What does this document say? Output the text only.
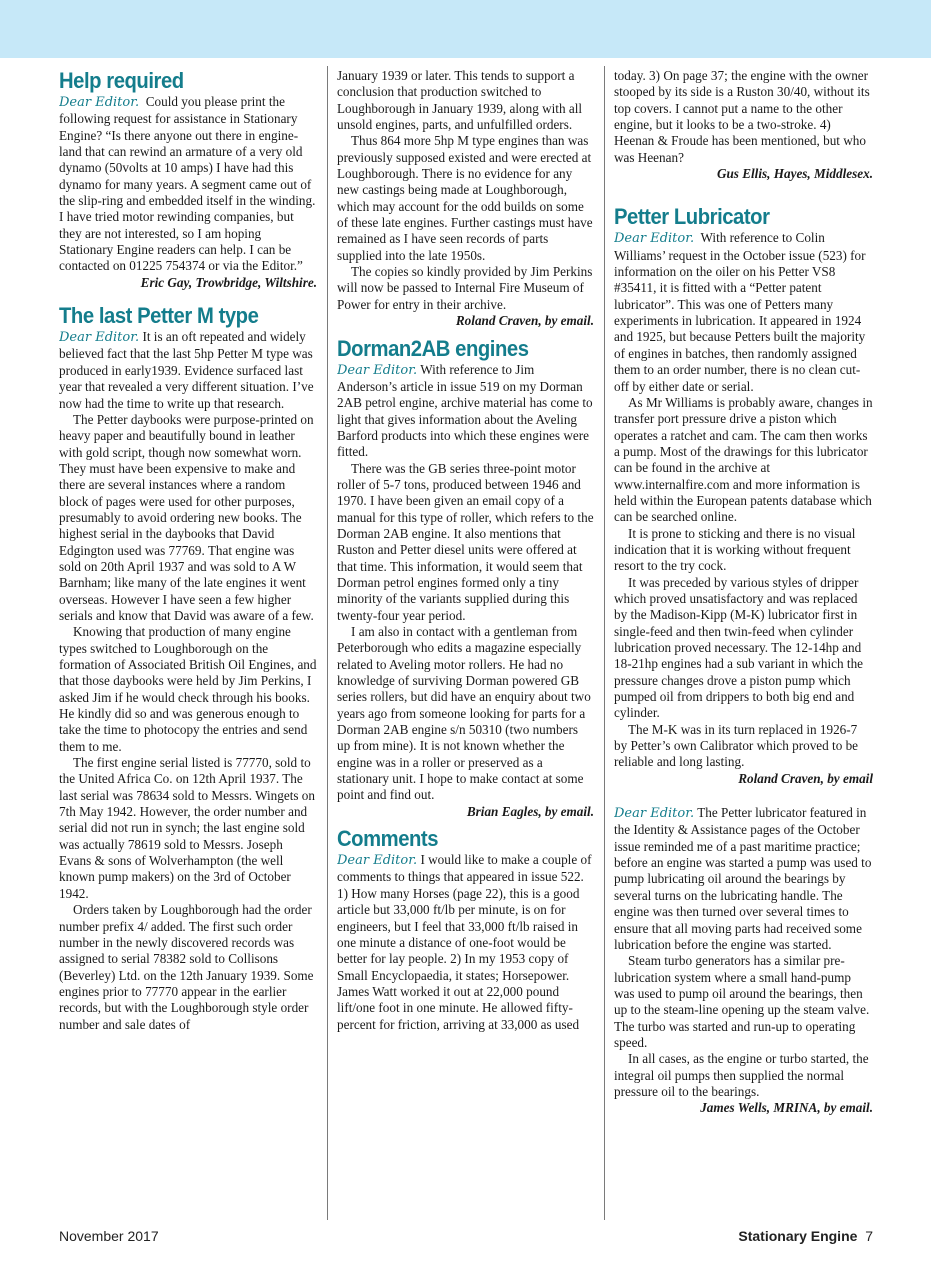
Help required

Dear Editor. Could you please print the following request for assistance in Stationary Engine? “Is there anyone out there in engine-land that can rewind an armature of a very old dynamo (50volts at 10 amps) I have had this dynamo for many years. A segment came out of the slip-ring and embedded itself in the winding. I have tried motor rewinding companies, but they are not interested, so I am hoping Stationary Engine readers can help. I can be contacted on 01225 754374 or via the Editor.”

Eric Gay, Trowbridge, Wiltshire.
The last Petter M type

Dear Editor. It is an oft repeated and widely believed fact that the last 5hp Petter M type was produced in early1939. Evidence surfaced last year that revealed a very different situation. I’ve now had the time to write up that research.

The Petter daybooks were purpose-printed on heavy paper and beautifully bound in leather with gold script, though now somewhat worn. They must have been expensive to make and there are several instances where a random block of pages were used for other purposes, presumably to avoid ordering new books. The highest serial in the daybooks that David Edgington used was 77769. That engine was sold on 20th April 1937 and was sold to A W Barnham; like many of the late engines it went overseas. However I have seen a few higher serials and know that David was aware of a few.

Knowing that production of many engine types switched to Loughborough on the formation of Associated British Oil Engines, and that those daybooks were held by Jim Perkins, I asked Jim if he would check through his books. He kindly did so and was generous enough to take the time to photocopy the entries and send them to me.

The first engine serial listed is 77770, sold to the United Africa Co. on 12th April 1937. The last serial was 78634 sold to Messrs. Wingets on 7th May 1942. However, the order number and serial did not run in synch; the last engine sold was actually 78619 sold to Messrs. Joseph Evans & sons of Wolverhampton (the well known pump makers) on the 3rd of October 1942.

Orders taken by Loughborough had the order number prefix 4/ added. The first such order number in the newly discovered records was assigned to serial 78382 sold to Collisons (Beverley) Ltd. on the 12th January 1939. Some engines prior to 77770 appear in the earlier records, but with the Loughborough style order number and sale dates of

January 1939 or later. This tends to support a conclusion that production switched to Loughborough in January 1939, along with all unsold engines, parts, and unfulfilled orders.

Thus 864 more 5hp M type engines than was previously supposed existed and were erected at Loughborough. There is no evidence for any new castings being made at Loughborough, which may account for the odd builds on some of these late engines. Further castings must have remained as I have seen records of parts supplied into the late 1950s.

The copies so kindly provided by Jim Perkins will now be passed to Internal Fire Museum of Power for entry in their archive.

Roland Craven, by email.
Dorman2AB engines

Dear Editor. With reference to Jim Anderson’s article in issue 519 on my Dorman 2AB petrol engine, archive material has come to light that gives information about the Aveling Barford products into which these engines were fitted.

There was the GB series three-point motor roller of 5-7 tons, produced between 1946 and 1970. I have been given an email copy of a manual for this type of roller, which refers to the Dorman 2AB engine. It also mentions that Ruston and Petter diesel units were offered at that time. This information, it would seem that Dorman petrol engines formed only a tiny minority of the variants supplied during this twenty-four year period.

I am also in contact with a gentleman from Peterborough who edits a magazine especially related to Aveling motor rollers. He had no knowledge of surviving Dorman powered GB series rollers, but did have an enquiry about two years ago from someone looking for parts for a Dorman 2AB engine s/n 50310 (two numbers up from mine). It is not known whether the engine was in a roller or preserved as a stationary unit. I hope to make contact at some point and find out.

Brian Eagles, by email.
Comments

Dear Editor. I would like to make a couple of comments to things that appeared in issue 522. 1) How many Horses (page 22), this is a good article but 33,000 ft/lb per minute, is on for engineers, but I feel that 33,000 ft/lb raised in one minute a distance of one-foot would be better for lay people. 2) In my 1953 copy of Small Encyclopaedia, it states; Horsepower. James Watt worked it out at 22,000 pound lift/one foot in one minute. He allowed fifty-percent for friction, arriving at 33,000 as used

today. 3) On page 37; the engine with the owner stooped by its side is a Ruston 30/40, without its top covers. I cannot put a name to the other engine, but it looks to be a two-stroke. 4) Heenan & Froude has been mentioned, but who was Heenan?

Gus Ellis, Hayes, Middlesex.
Petter Lubricator

Dear Editor. With reference to Colin Williams’ request in the October issue (523) for information on the oiler on his Petter VS8 #35411, it is fitted with a “Petter patent lubricator”. This was one of Petters many experiments in lubrication. It appeared in 1924 and 1925, but because Petters built the majority of engines in batches, then randomly assigned them to an order number, there is no clean cut-off by either date or serial.

As Mr Williams is probably aware, changes in transfer port pressure drive a piston which operates a ratchet and cam. The cam then works a pump. Most of the drawings for this lubricator can be found in the archive at www.internalfire.com and more information is held within the European patents database which can be searched online.

It is prone to sticking and there is no visual indication that it is working without frequent resort to the try cock.

It was preceded by various styles of dripper which proved unsatisfactory and was replaced by the Madison-Kipp (M-K) lubricator first in single-feed and then twin-feed when cylinder lubrication proved necessary. The 12-14hp and 18-21hp engines had a sub variant in which the pressure changes drove a piston pump which pumped oil from drippers to both big end and cylinder.

The M-K was in its turn replaced in 1926-7 by Petter’s own Calibrator which proved to be reliable and long lasting.

Roland Craven, by email

Dear Editor. The Petter lubricator featured in the Identity & Assistance pages of the October issue reminded me of a past maritime practice; before an engine was started a pump was used to pump lubricating oil around the bearings by several turns on the lubricating handle. The engine was then turned over several times to ensure that all moving parts had received some lubrication before the engine was started.

Steam turbo generators has a similar pre-lubrication system where a small hand-pump was used to pump oil around the bearings, then up to the steam-line opening up the steam valve. The turbo was started and run-up to operating speed.

In all cases, as the engine or turbo started, the integral oil pumps then supplied the normal pressure oil to the bearings.

James Wells, MRINA, by email.
November 2017	Stationary Engine 7
